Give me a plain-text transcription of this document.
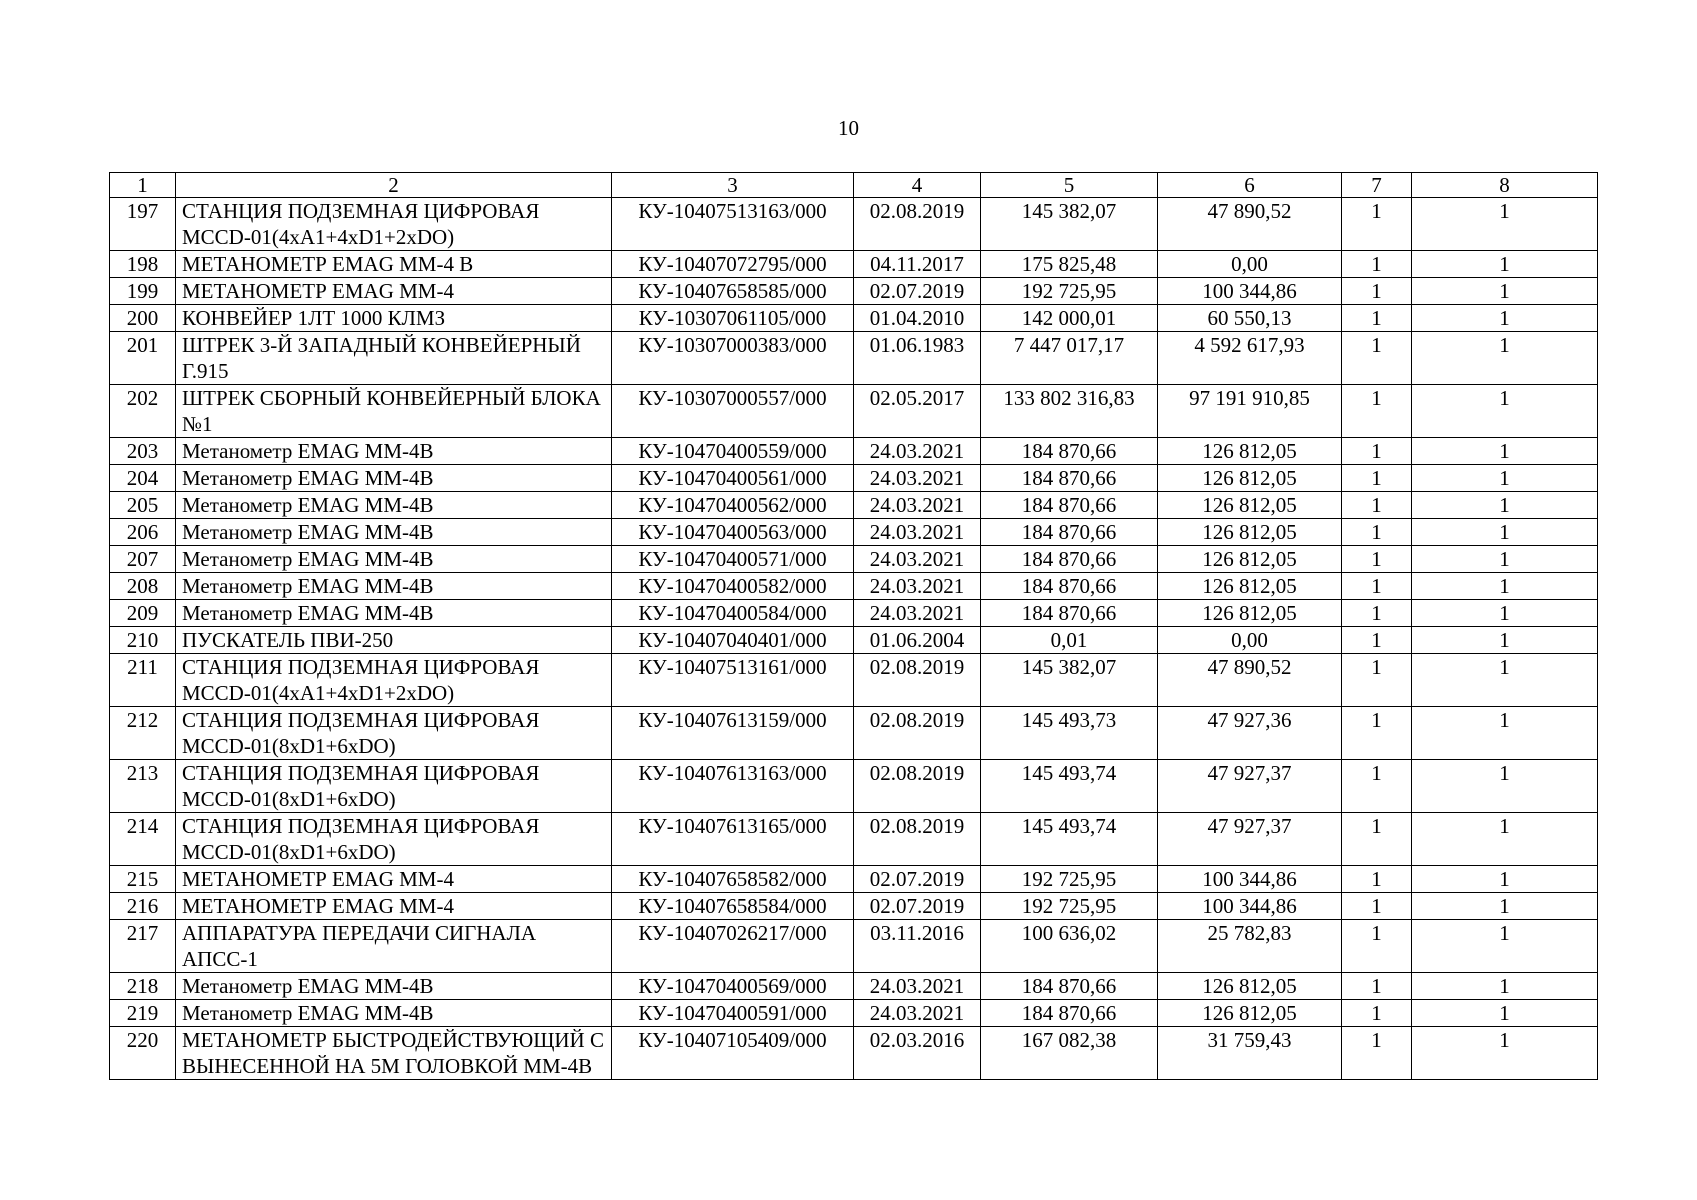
10
1	2	3	4	5	6	7	8
197	СТАНЦИЯ ПОДЗЕМНАЯ ЦИФРОВАЯ MCCD-01(4xA1+4xD1+2xDO)	КУ-10407513163/000	02.08.2019	145 382,07	47 890,52	1	1
198	МЕТАНОМЕТР EMAG MM-4 B	КУ-10407072795/000	04.11.2017	175 825,48	0,00	1	1
199	МЕТАНОМЕТР EMAG MM-4	КУ-10407658585/000	02.07.2019	192 725,95	100 344,86	1	1
200	КОНВЕЙЕР 1ЛТ 1000 КЛМЗ	КУ-10307061105/000	01.04.2010	142 000,01	60 550,13	1	1
201	ШТРЕК 3-Й ЗАПАДНЫЙ КОНВЕЙЕРНЫЙ Г.915	КУ-10307000383/000	01.06.1983	7 447 017,17	4 592 617,93	1	1
202	ШТРЕК СБОРНЫЙ КОНВЕЙЕРНЫЙ БЛОКА №1	КУ-10307000557/000	02.05.2017	133 802 316,83	97 191 910,85	1	1
203	Метанометр EMAG MM-4B	КУ-10470400559/000	24.03.2021	184 870,66	126 812,05	1	1
204	Метанометр EMAG MM-4B	КУ-10470400561/000	24.03.2021	184 870,66	126 812,05	1	1
205	Метанометр EMAG MM-4B	КУ-10470400562/000	24.03.2021	184 870,66	126 812,05	1	1
206	Метанометр EMAG MM-4B	КУ-10470400563/000	24.03.2021	184 870,66	126 812,05	1	1
207	Метанометр EMAG MM-4B	КУ-10470400571/000	24.03.2021	184 870,66	126 812,05	1	1
208	Метанометр EMAG MM-4B	КУ-10470400582/000	24.03.2021	184 870,66	126 812,05	1	1
209	Метанометр EMAG MM-4B	КУ-10470400584/000	24.03.2021	184 870,66	126 812,05	1	1
210	ПУСКАТЕЛЬ ПВИ-250	КУ-10407040401/000	01.06.2004	0,01	0,00	1	1
211	СТАНЦИЯ ПОДЗЕМНАЯ ЦИФРОВАЯ MCCD-01(4xA1+4xD1+2xDO)	КУ-10407513161/000	02.08.2019	145 382,07	47 890,52	1	1
212	СТАНЦИЯ ПОДЗЕМНАЯ ЦИФРОВАЯ MCCD-01(8xD1+6xDO)	КУ-10407613159/000	02.08.2019	145 493,73	47 927,36	1	1
213	СТАНЦИЯ ПОДЗЕМНАЯ ЦИФРОВАЯ MCCD-01(8xD1+6xDO)	КУ-10407613163/000	02.08.2019	145 493,74	47 927,37	1	1
214	СТАНЦИЯ ПОДЗЕМНАЯ ЦИФРОВАЯ MCCD-01(8xD1+6xDO)	КУ-10407613165/000	02.08.2019	145 493,74	47 927,37	1	1
215	МЕТАНОМЕТР EMAG MM-4	КУ-10407658582/000	02.07.2019	192 725,95	100 344,86	1	1
216	МЕТАНОМЕТР EMAG MM-4	КУ-10407658584/000	02.07.2019	192 725,95	100 344,86	1	1
217	АППАРАТУРА ПЕРЕДАЧИ СИГНАЛА АПСС-1	КУ-10407026217/000	03.11.2016	100 636,02	25 782,83	1	1
218	Метанометр EMAG MM-4B	КУ-10470400569/000	24.03.2021	184 870,66	126 812,05	1	1
219	Метанометр EMAG MM-4B	КУ-10470400591/000	24.03.2021	184 870,66	126 812,05	1	1
220	МЕТАНОМЕТР БЫСТРОДЕЙСТВУЮЩИЙ С ВЫНЕСЕННОЙ НА 5М ГОЛОВКОЙ MM-4B	КУ-10407105409/000	02.03.2016	167 082,38	31 759,43	1	1
